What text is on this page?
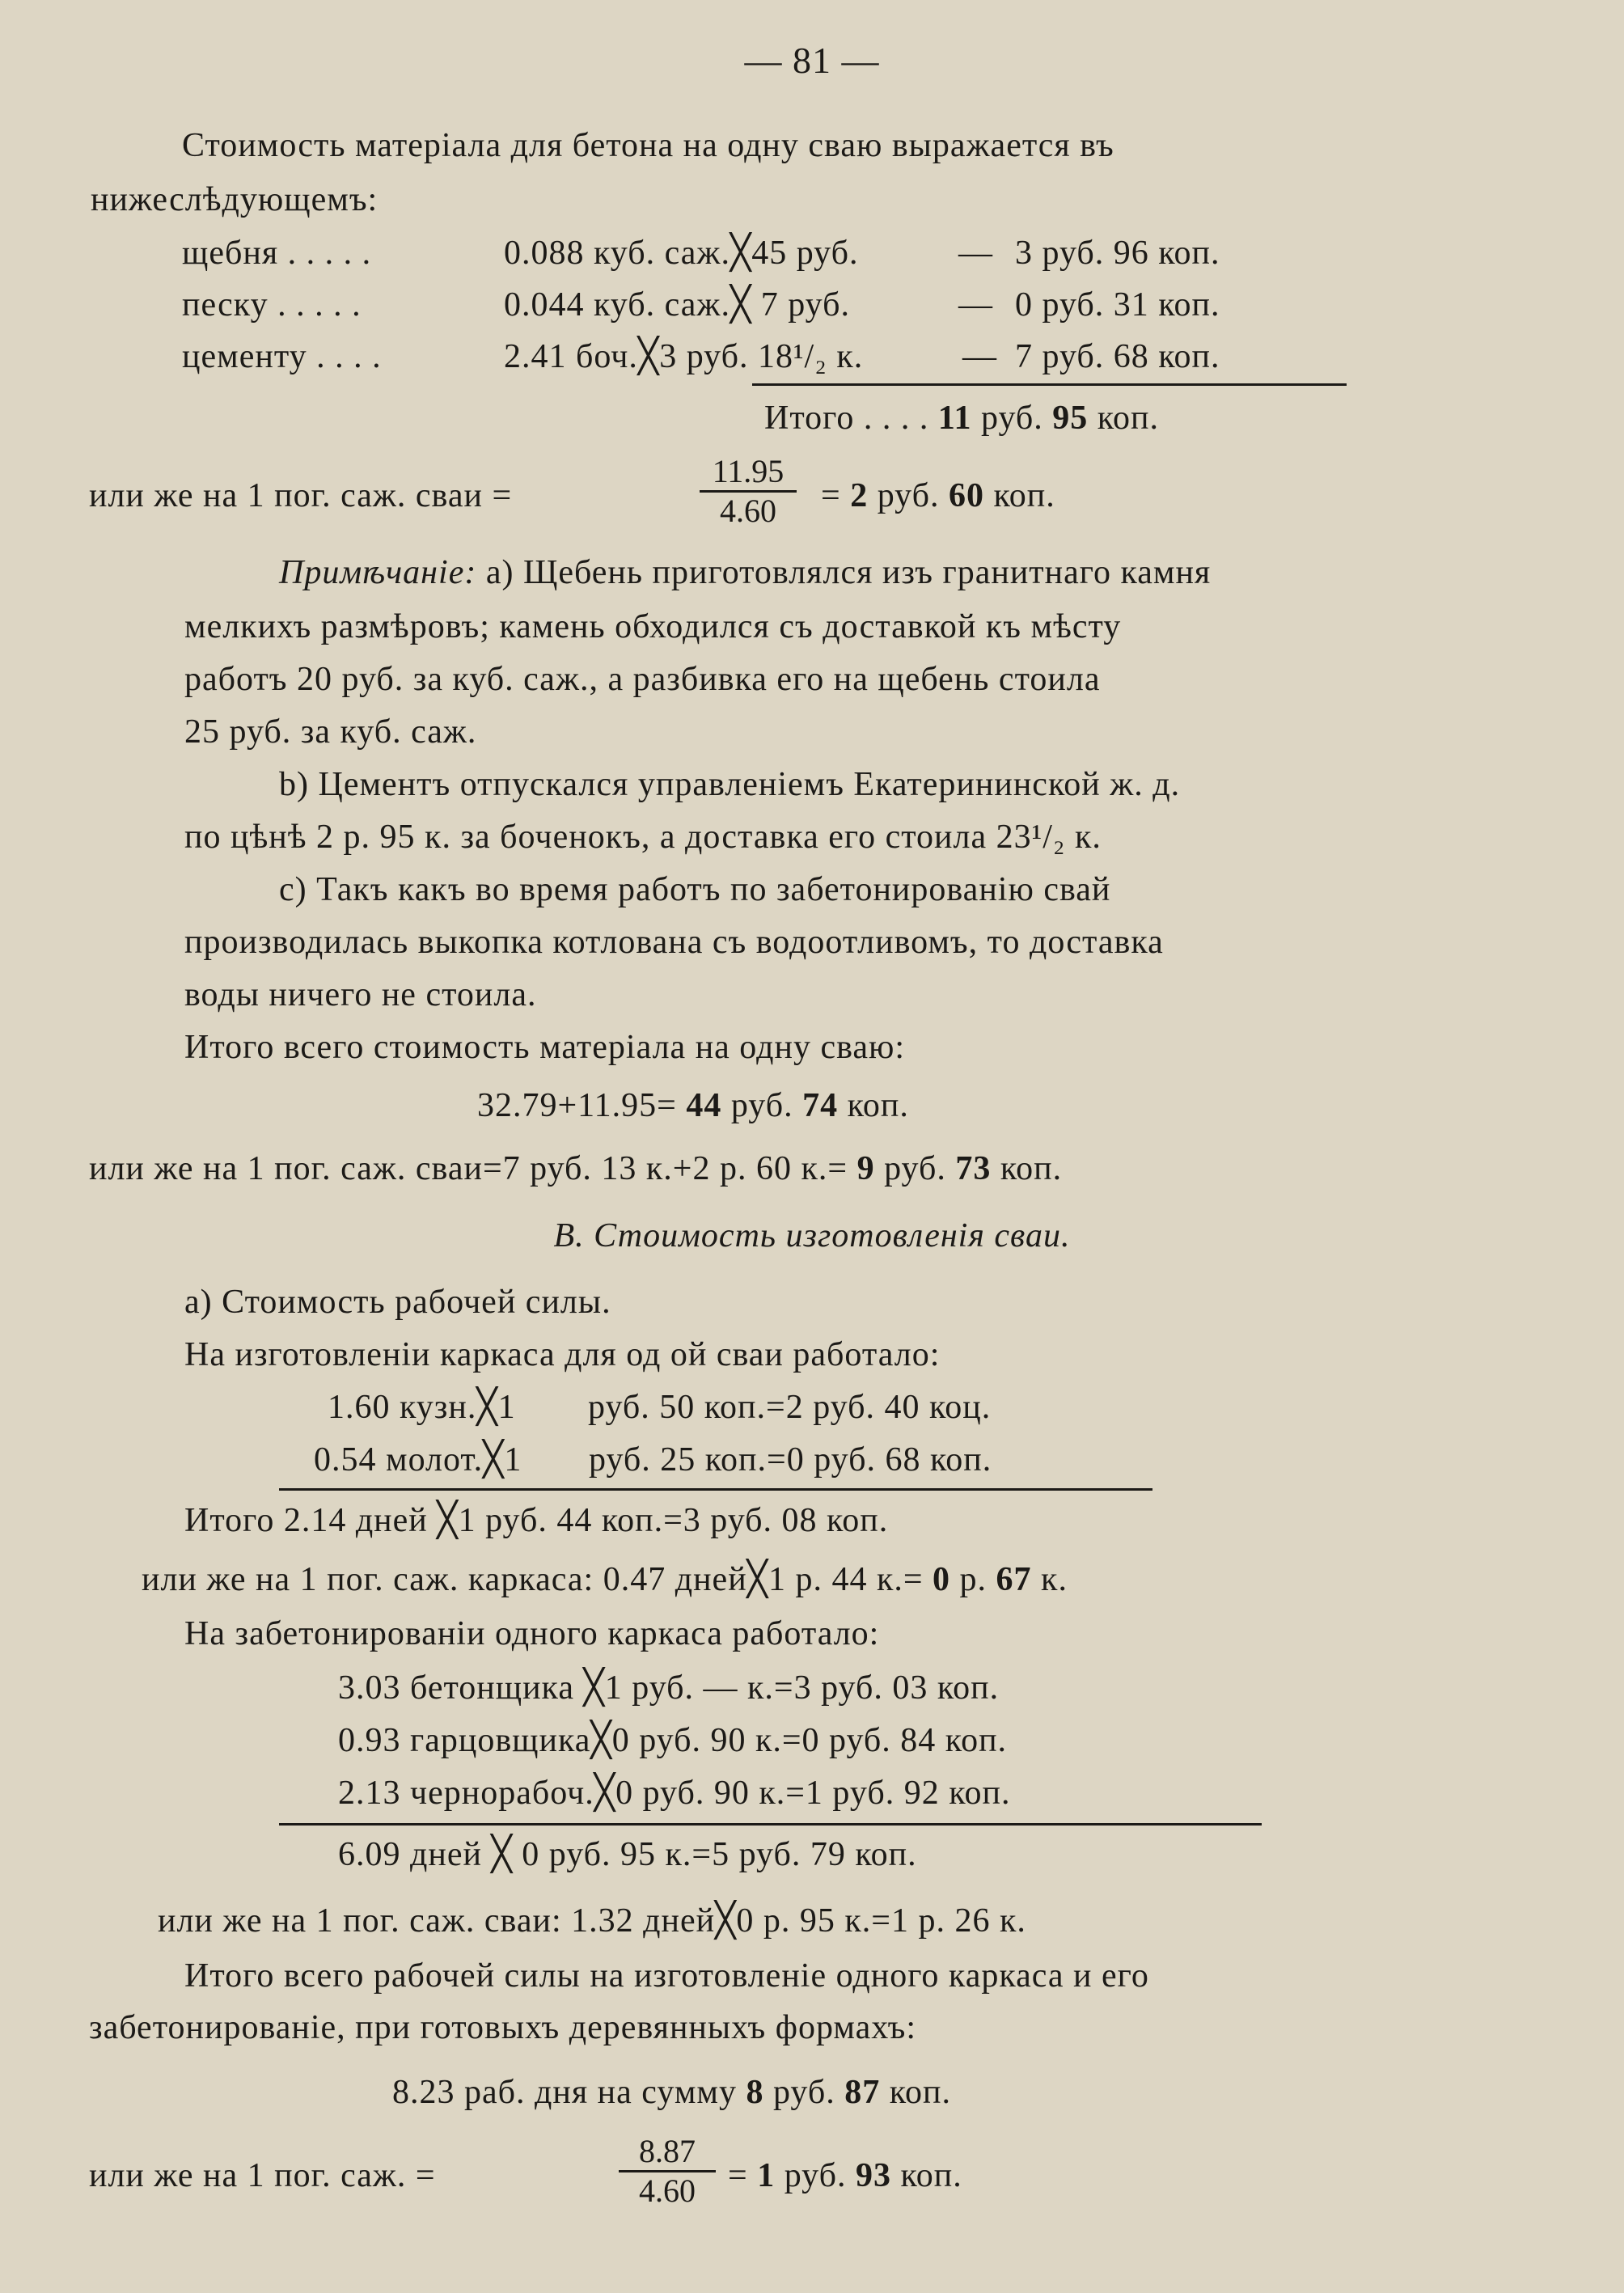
— 81 —
Стоимость матеріала для бетона на одну сваю выражается въ
нижеслѣдующемъ:
щебня . . . . .	0.088 куб. саж.╳45 руб.	— 3 руб. 96 коп.
песку . . . . .	0.044 куб. саж.╳ 7 руб.	— 0 руб. 31 коп.
цементу . . . .	2.41 боч.╳3 руб. 18¹/₂ к.	— 7 руб. 68 коп.
Итого . . . . 11 руб. 95 коп.
или же на 1 пог. саж. сваи =	$\frac{11.95}{4.60} = 2$ руб. 60 коп.
Примѣчаніе: а) Щебень приготовлялся изъ гранитнаго камня
мелкихъ размѣровъ; камень обходился съ доставкой къ мѣсту
работъ 20 руб. за куб. саж., а разбивка его на щебень стоила
25 руб. за куб. саж.
b) Цементъ отпускался управленіемъ Екатерининской ж. д.
по цѣнѣ 2 р. 95 к. за боченокъ, а доставка его стоила 23¹/₂ к.
c) Такъ какъ во время работъ по забетонированію свай
производилась выкопка котлована съ водоотливомъ, то доставка
воды ничего не стоила.
Итого всего стоимость матеріала на одну сваю:
32.79+11.95= 44 руб. 74 коп.
или же на 1 пог. саж. сваи=7 руб. 13 к.+2 р. 60 к.= 9 руб. 73 коп.
B. Стоимость изготовленія сваи.
а) Стоимость рабочей силы.
На изготовленіи каркаса для од ой сваи работало:
1.60 кузн.╳1 руб. 50 коп.=2 руб. 40 коц.
0.54 молот.╳1 руб. 25 коп.=0 руб. 68 коп.
Итого 2.14 дней ╳1 руб. 44 коп.=3 руб. 08 коп.
или же на 1 пог. саж. каркаса: 0.47 дней╳1 р. 44 к.= 0 р. 67 к.
На забетонированіи одного каркаса работало:
3.03 бетонщика ╳1 руб. — к.=3 руб. 03 коп.
0.93 гарцовщика╳0 руб. 90 к.=0 руб. 84 коп.
2.13 чернорабоч.╳0 руб. 90 к.=1 руб. 92 коп.
6.09 дней ╳ 0 руб. 95 к.=5 руб. 79 коп.
или же на 1 пог. саж. сваи: 1.32 дней╳0 р. 95 к.=1 р. 26 к.
Итого всего рабочей силы на изготовленіе одного каркаса и его
забетонированіе, при готовыхъ деревянныхъ формахъ:
8.23 раб. дня на сумму 8 руб. 87 коп.
или же на 1 пог. саж. =	$\frac{8.87}{4.60} = 1$ руб. 93 коп.
